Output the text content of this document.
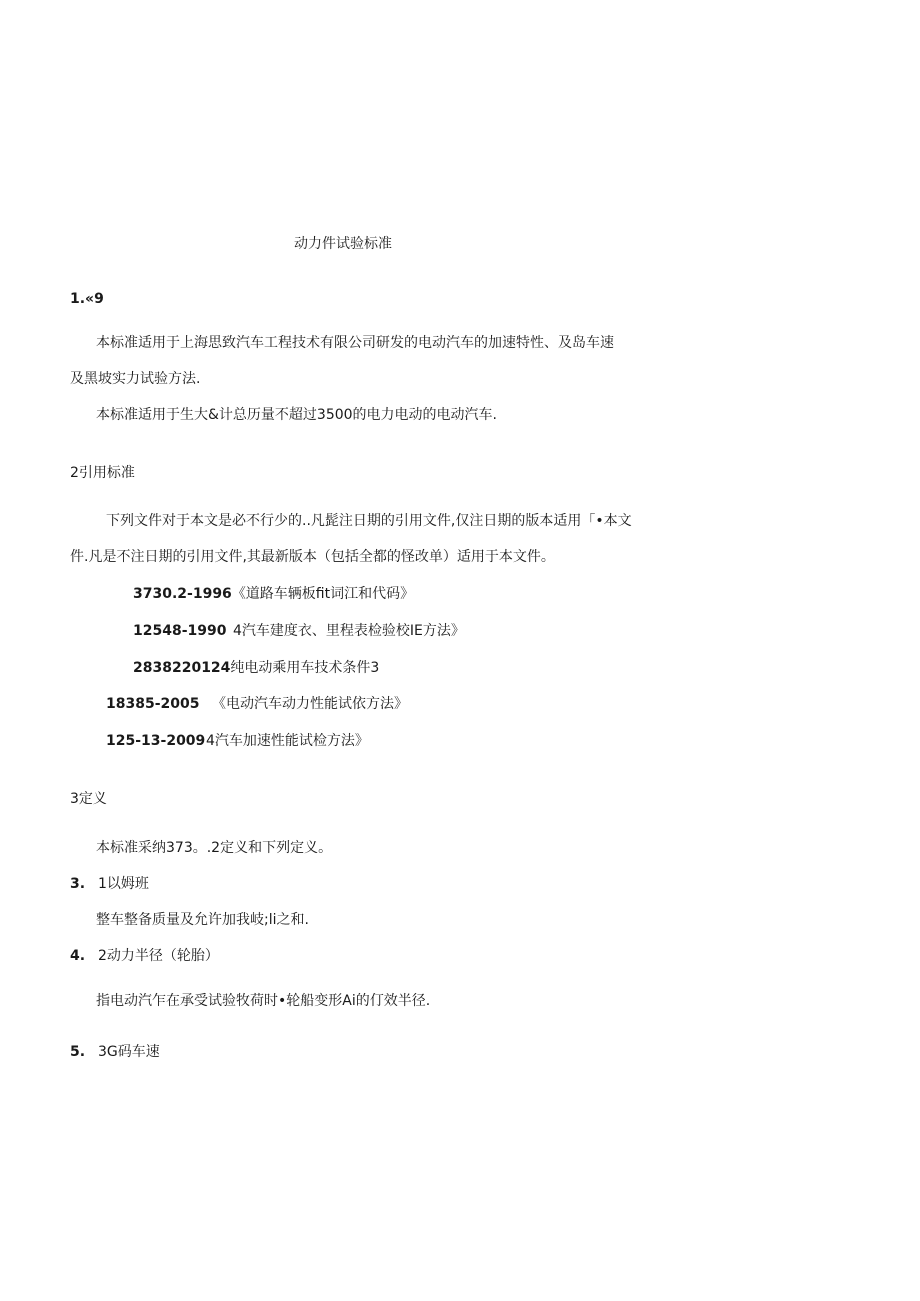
动力件试验标准
1.«9
本标准适用于上海思致汽车工程技术有限公司研发的电动汽车的加速特性、及岛车速
及黑坡实力试验方法.
本标准适用于生大&计总历量不超过3500的电力电动的电动汽车.
2引用标准
下列文件对于本文是必不行少的..凡髭注日期的引用文件,仅注日期的版本适用「•本文
件.凡是不注日期的引用文件,其最新版本（包括全都的怪改单）适用于本文件。
3730.2-1996《道路车辆板fit词江和代码》
12548-1990 4汽车建度衣、里程表检验校IE方法》
2838220124纯电动乘用车技术条件3
18385-2005 《电动汽车动力性能试依方法》
125-13-20094汽车加速性能试检方法》
3定义
本标准采纳373。.2定义和下列定义。
3. 1以姆班
整车整备质量及允许加我岐;li之和.
4. 2动力半径（轮胎）
指电动汽乍在承受试验牧荷时•轮船变形Ai的仃效半径.
5. 3G码车速
